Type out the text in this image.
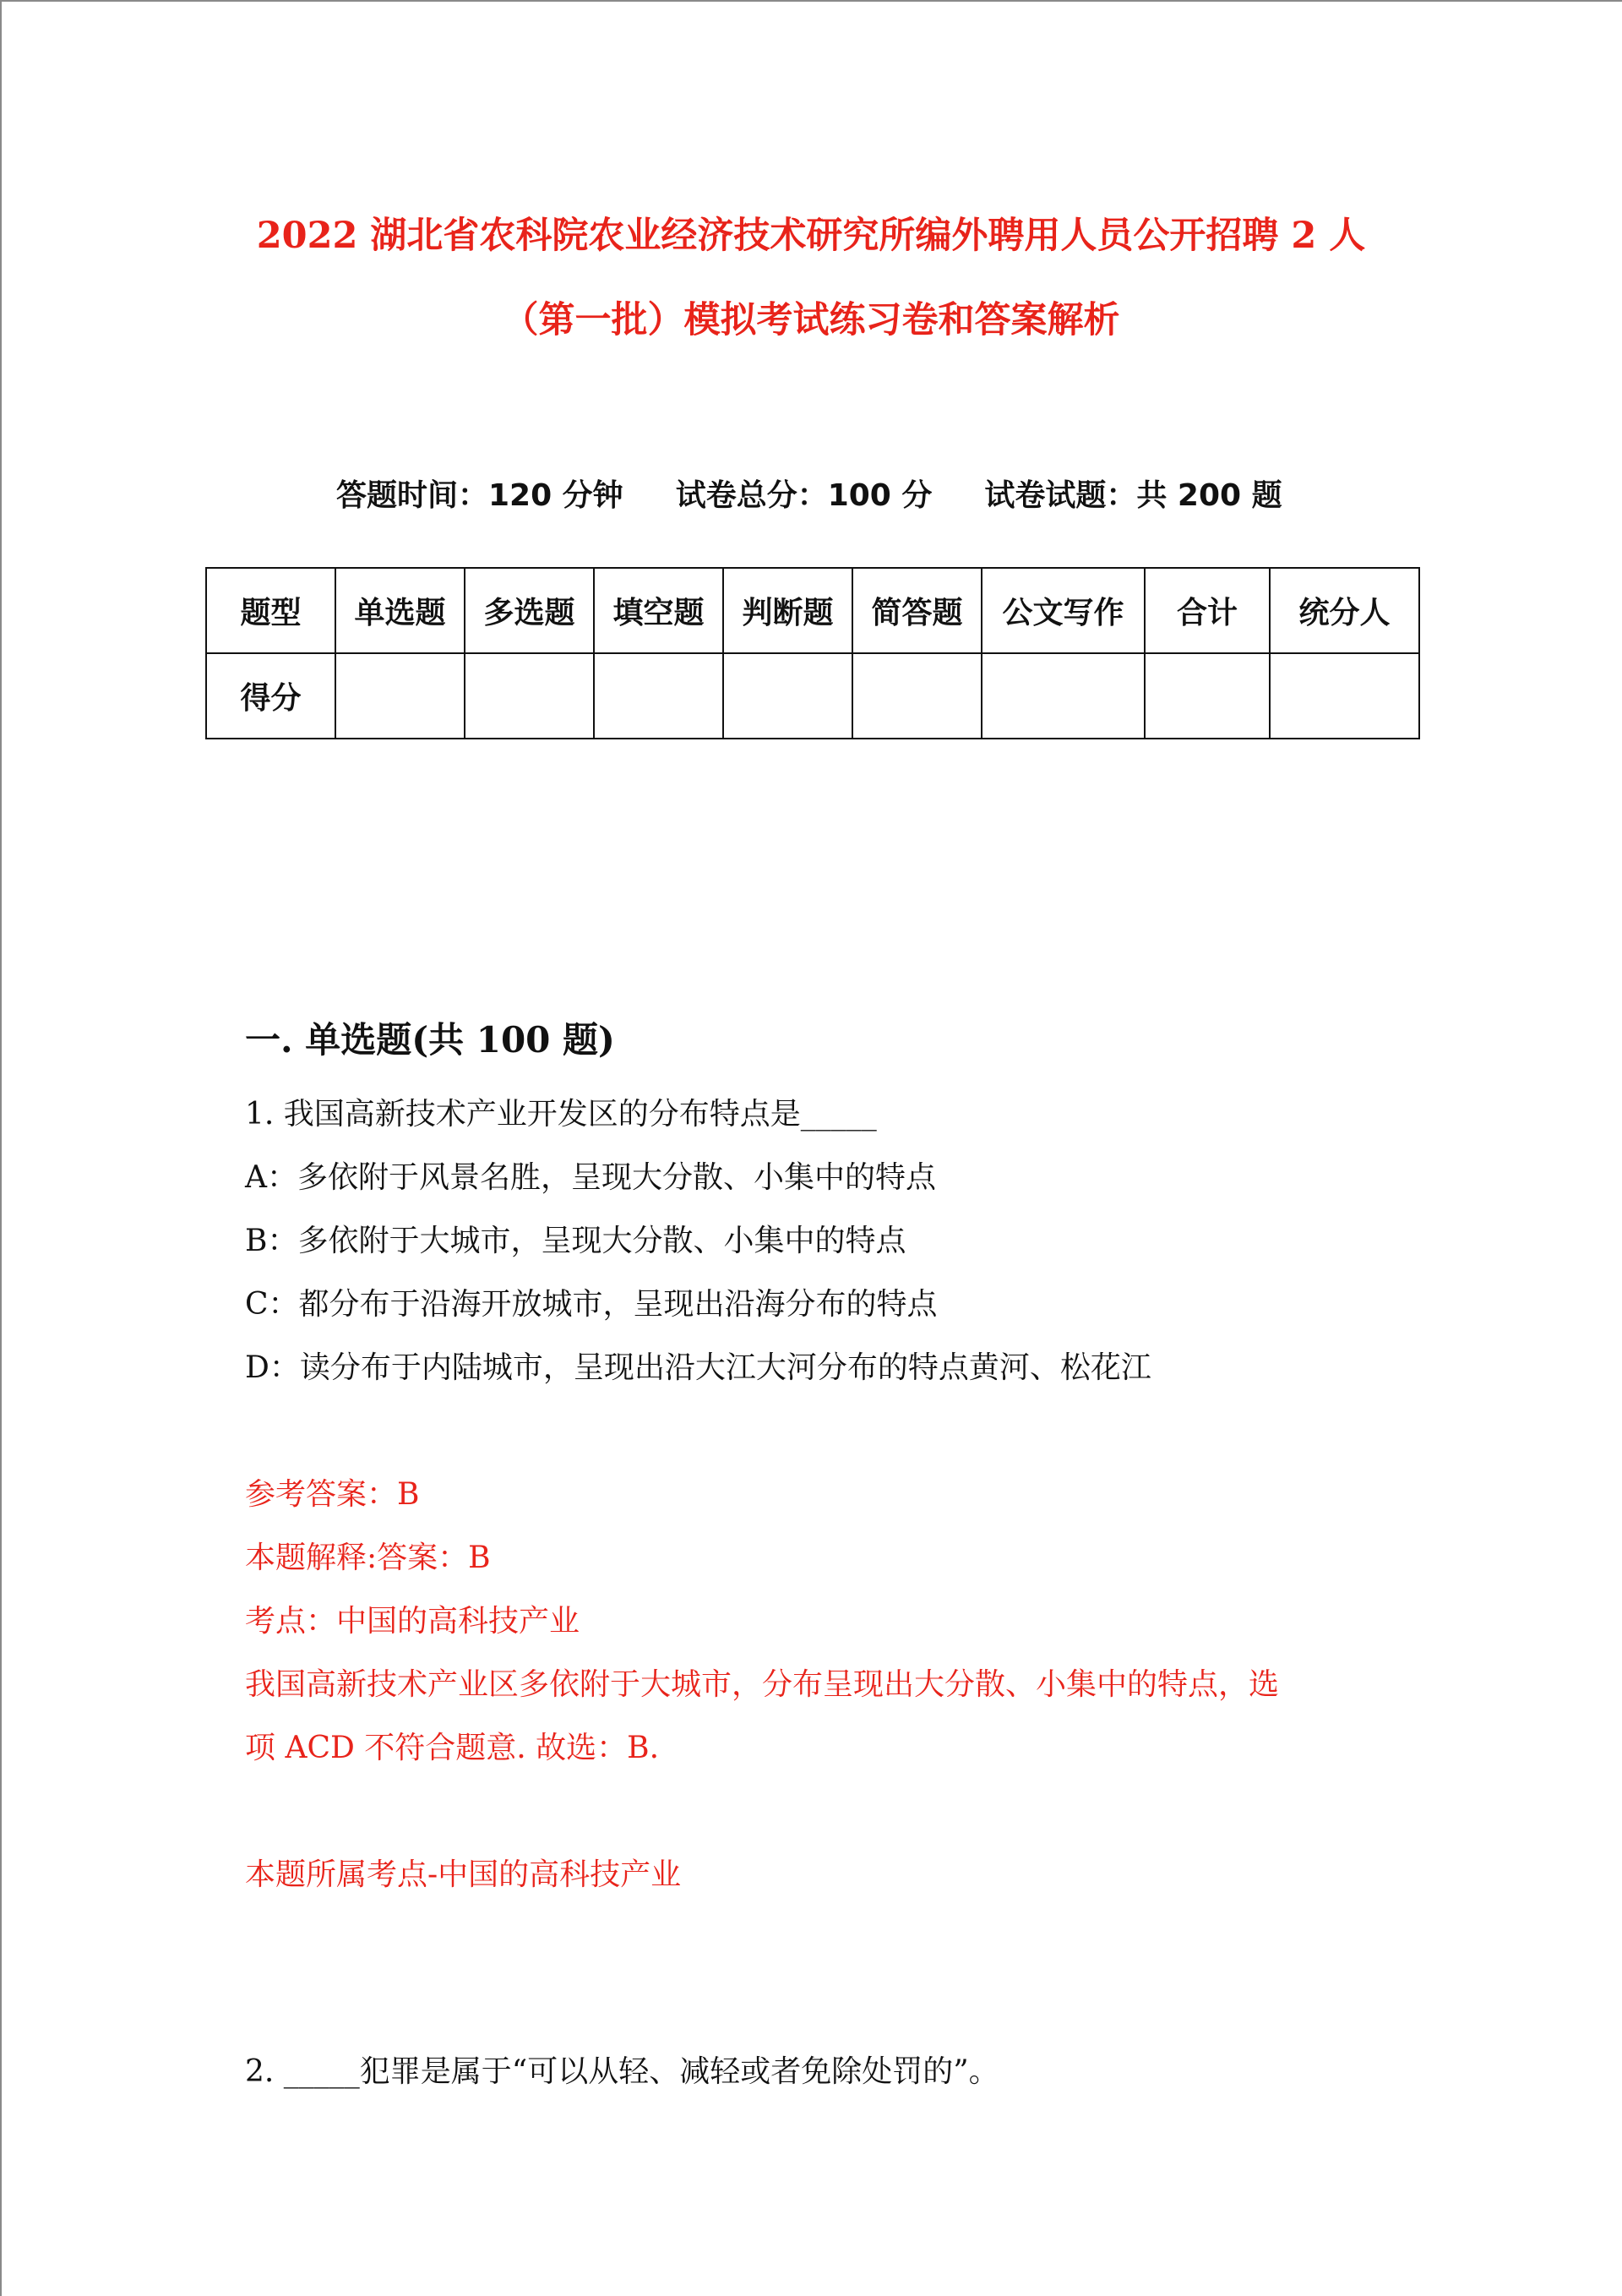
2022 湖北省农科院农业经济技术研究所编外聘用人员公开招聘 2 人
（第一批）模拟考试练习卷和答案解析
答题时间：120 分钟 试卷总分：100 分 试卷试题：共 200 题
题型	单选题	多选题	填空题	判断题	简答题	公文写作	合计	统分人
得分								
一. 单选题(共 100 题)
1. 我国高新技术产业开发区的分布特点是_____
A：多依附于风景名胜，呈现大分散、小集中的特点
B：多依附于大城市，呈现大分散、小集中的特点
C：都分布于沿海开放城市，呈现出沿海分布的特点
D：读分布于内陆城市，呈现出沿大江大河分布的特点黄河、松花江
参考答案：B
本题解释:答案：B
考点：中国的高科技产业
我国高新技术产业区多依附于大城市，分布呈现出大分散、小集中的特点，选
项 ACD 不符合题意. 故选：B.
本题所属考点-中国的高科技产业
2. _____犯罪是属于“可以从轻、减轻或者免除处罚的”。
